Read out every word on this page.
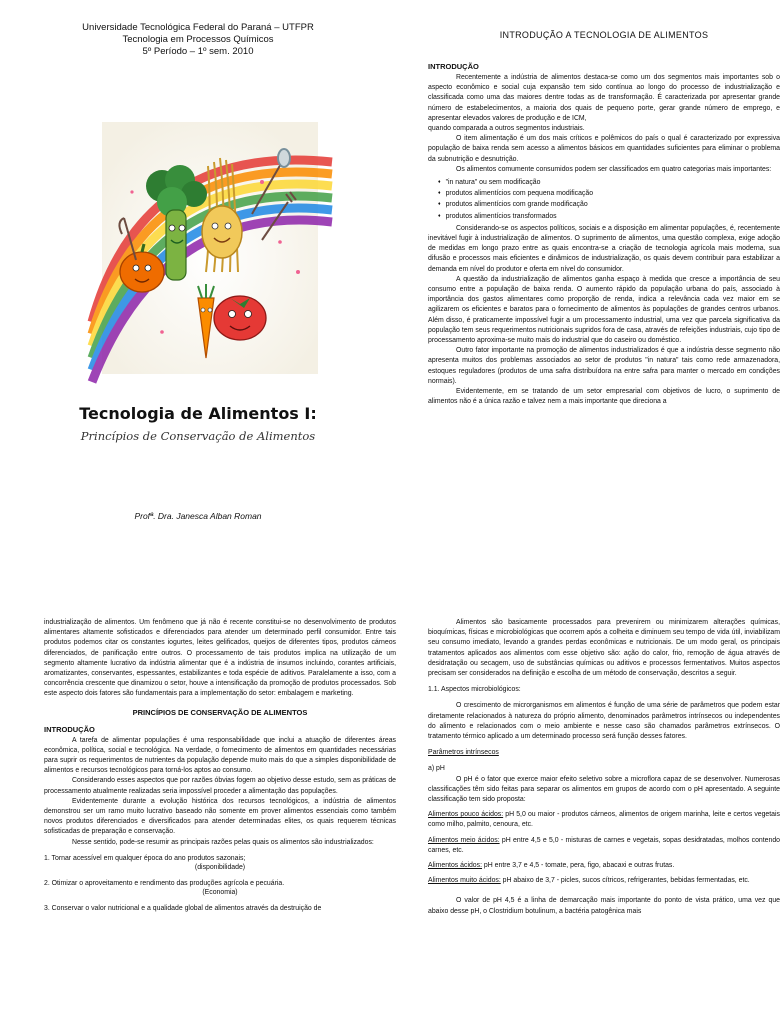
Universidade Tecnológica Federal do Paraná – UTFPR
Tecnologia em Processos Químicos
5º Período – 1º sem. 2010
Tecnologia de Alimentos I:
Princípios de Conservação de Alimentos
Profª. Dra. Janesca Alban Roman
INTRODUÇÃO A TECNOLOGIA DE ALIMENTOS
INTRODUÇÃO

Recentemente a indústria de alimentos destaca-se como um dos segmentos mais importantes sob o aspecto econômico e social cuja expansão tem sido contínua ao longo do processo de industrialização e classificada como uma das maiores dentre todas as de transformação. É caracterizada por apresentar grande número de estabelecimentos, a maioria dos quais de pequeno porte, gerar grande número de emprego, e apresentar elevados valores de produção e de ICM,

quando comparada a outros segmentos industriais.

O item alimentação é um dos mais críticos e polêmicos do país o qual é caracterizado por expressiva população de baixa renda sem acesso a alimentos básicos em quantidades suficientes para eliminar o problema da subnutrição e desnutrição.

Os alimentos comumente consumidos podem ser classificados em quatro categorias mais importantes:

♦ "in natura" ou sem modificação
♦ produtos alimentícios com pequena modificação
♦ produtos alimentícios com grande modificação
♦ produtos alimentícios transformados

Considerando-se os aspectos políticos, sociais e a disposição em alimentar populações, é, recentemente inevitável fugir à industrialização de alimentos. O suprimento de alimentos, uma questão complexa, exige adoção de medidas em longo prazo entre as quais encontra-se a criação de tecnologia agrícola mais moderna, sua difusão e processos mais eficientes e dinâmicos de industrialização, os quais devem contribuir para estabilizar a demanda em nível do produtor e oferta em nível do consumidor.

A questão da industrialização de alimentos ganha espaço à medida que cresce a importância de seu consumo entre a população de baixa renda. O aumento rápido da população urbana do país, associado à importância dos gastos alimentares como proporção de renda, indica a relevância cada vez maior em se agilizarem os eficientes e baratos para o fornecimento de alimentos às populações de grandes centros urbanos. Além disso, é praticamente impossível fugir a um processamento industrial, uma vez que parcela significativa da população tem seus requerimentos nutricionais supridos fora de casa, através de refeições industriais, cujo tipo de processamento aproxima-se muito mais do industrial que do caseiro ou doméstico.

Outro fator importante na promoção de alimentos industrializados é que a indústria desse segmento não apresenta muitos dos problemas associados ao setor de produtos "in natura" tais como rede armazenadora, estoques reguladores (produtos de uma safra distribuídora na entre safra para manter o mercado em condições normais).

Evidentemente, em se tratando de um setor empresarial com objetivos de lucro, o suprimento de alimentos não é a única razão e talvez nem a mais importante que direciona a

industrialização de alimentos. Um fenômeno que já não é recente constitui-se no desenvolvimento de produtos alimentares altamente sofisticados e diferenciados para atender um determinado perfil consumidor. Entre tais produtos podemos citar os constantes iogurtes, leites gelificados, queijos de diferentes tipos, produtos cárneos diferenciados, de panificação entre outros. O processamento de tais produtos implica na utilização de um segmento altamente lucrativo da indústria alimentar que é a indústria de insumos incluindo, corantes artificiais, aromatizantes, conservantes, espessantes, estabilizantes e toda espécie de aditivos. Paralelamente a isso, com a concorrência crescente que dinamizou o setor, houve a intensificação da promoção de produtos processados. Sob este aspecto dois fatores são fundamentais para a implementação do setor: embalagem e marketing.

PRINCÍPIOS DE CONSERVAÇÃO DE ALIMENTOS
INTRODUÇÃO

A tarefa de alimentar populações é uma responsabilidade que inclui a atuação de diferentes áreas econômica, política, social e tecnológica. Na verdade, o fornecimento de alimentos em quantidades necessárias para suprir os requerimentos de nutrientes da população depende muito mais do que a simples disponibilidade de alimentos e recursos tecnológicos para torná-los aptos ao consumo.

Considerando esses aspectos que por razões óbvias fogem ao objetivo desse estudo, sem as práticas de processamento atualmente realizadas seria impossível proceder a alimentação das populações.

Evidentemente durante a evolução histórica dos recursos tecnológicos, a indústria de alimentos demonstrou ser um ramo muito lucrativo baseado não somente em prover alimentos essenciais como também novos produtos diferenciados e diversificados para atender determinadas elites, os quais requerem técnicas sofisticadas de preparação e conservação.

Nesse sentido, pode-se resumir as principais razões pelas quais os alimentos são industrializados:

1. Tornar acessível em qualquer época do ano produtos sazonais;
(disponibilidade)
2. Otimizar o aproveitamento e rendimento das produções agrícola e pecuária.
(Economia)
3. Conservar o valor nutricional e a qualidade global de alimentos através da destruição de

Alimentos são basicamente processados para prevenirem ou minimizarem alterações químicas, bioquímicas, físicas e microbiológicas que ocorrem após a colheita e diminuem seu tempo de vida útil, inviabilizam seu consumo imediato, levando a grandes perdas econômicas e nutricionais. De um modo geral, os principais tratamentos aplicados aos alimentos com esse objetivo são: ação do calor, frio, remoção de água através de desidratação ou secagem, uso de substâncias químicas ou aditivos e processos fermentativos. Muitos aspectos precisam ser considerados na definição e escolha de um método de conservação, descritos a seguir.

1.1. Aspectos microbiológicos:

O crescimento de microrganismos em alimentos é função de uma série de parâmetros que podem estar diretamente relacionados à natureza do próprio alimento, denominados parâmetros intrínsecos ou independentes do alimento e relacionados com o meio ambiente e nesse caso são chamados parâmetros extrínsecos. O tratamento térmico aplicado a um determinado processo será função desses fatores.

Parâmetros intrínsecos

a) pH

O pH é o fator que exerce maior efeito seletivo sobre a microflora capaz de se desenvolver. Numerosas classificações têm sido feitas para separar os alimentos em grupos de acordo com o pH apresentado. A seguinte classificação tem sido proposta:

Alimentos pouco ácidos: pH 5,0 ou maior - produtos cárneos, alimentos de origem marinha, leite e certos vegetais como milho, palmito, cenoura, etc.

Alimentos meio ácidos: pH entre 4,5 e 5,0 - misturas de carnes e vegetais, sopas desidratadas, molhos contendo carnes, etc.

Alimentos ácidos: pH entre 3,7 e 4,5 - tomate, pera, figo, abacaxi e outras frutas.

Alimentos muito ácidos: pH abaixo de 3,7 - picles, sucos cítricos, refrigerantes, bebidas fermentadas, etc.

O valor de pH 4,5 é a linha de demarcação mais importante do ponto de vista prático, uma vez que abaixo desse pH, o Clostridium botulinum, a bactéria patogênica mais
